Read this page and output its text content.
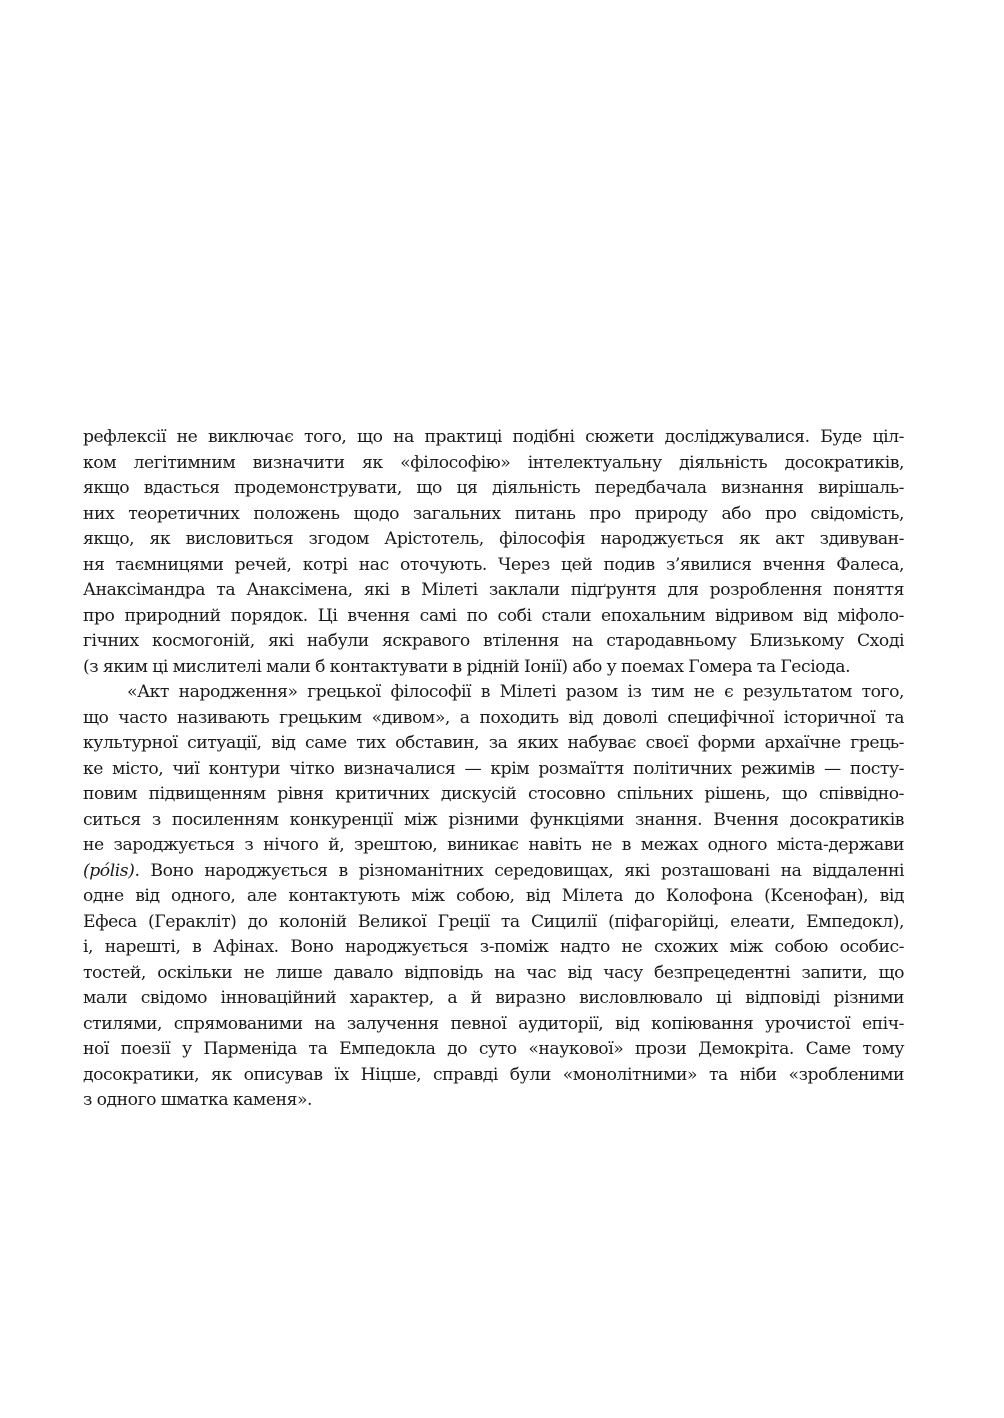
рефлексії не виключає того, що на практиці подібні сюжети досліджувалися. Буде ціл-
ком легітимним визначити як «філософію» інтелектуальну діяльність досократиків,
якщо вдасться продемонструвати, що ця діяльність передбачала визнання вирішаль-
них теоретичних положень щодо загальних питань про природу або про свідомість,
якщо, як висловиться згодом Арістотель, філософія народжується як акт здивуван-
ня таємницями речей, котрі нас оточують. Через цей подив з’явилися вчення Фалеса,
Анаксімандра та Анаксімена, які в Мілеті заклали підґрунтя для розроблення поняття
про природний порядок. Ці вчення самі по собі стали епохальним відривом від міфоло-
гічних космогоній, які набули яскравого втілення на стародавньому Близькому Сході
(з яким ці мислителі мали б контактувати в рідній Іонії) або у поемах Гомера та Гесіода.
«Акт народження» грецької філософії в Мілеті разом із тим не є результатом того,
що часто називають грецьким «дивом», а походить від доволі специфічної історичної та
культурної ситуації, від саме тих обставин, за яких набуває своєї форми архаїчне грець-
ке місто, чиї контури чітко визначалися — крім розмаїття політичних режимів — посту-
повим підвищенням рівня критичних дискусій стосовно спільних рішень, що співвідно-
ситься з посиленням конкуренції між різними функціями знання. Вчення досократиків
не зароджується з нічого й, зрештою, виникає навіть не в межах одного міста-держави
(pólis). Воно народжується в різноманітних середовищах, які розташовані на віддаленні
одне від одного, але контактують між собою, від Мілета до Колофона (Ксенофан), від
Ефеса (Геракліт) до колоній Великої Греції та Сицилії (піфагорійці, елеати, Емпедокл),
і, нарешті, в Афінах. Воно народжується з-поміж надто не схожих між собою особис-
тостей, оскільки не лише давало відповідь на час від часу безпрецедентні запити, що
мали свідомо інноваційний характер, а й виразно висловлювало ці відповіді різними
стилями, спрямованими на залучення певної аудиторії, від копіювання урочистої епіч-
ної поезії у Парменіда та Емпедокла до суто «наукової» прози Демокріта. Саме тому
досократики, як описував їх Ніцше, справді були «монолітними» та ніби «зробленими
з одного шматка каменя».
